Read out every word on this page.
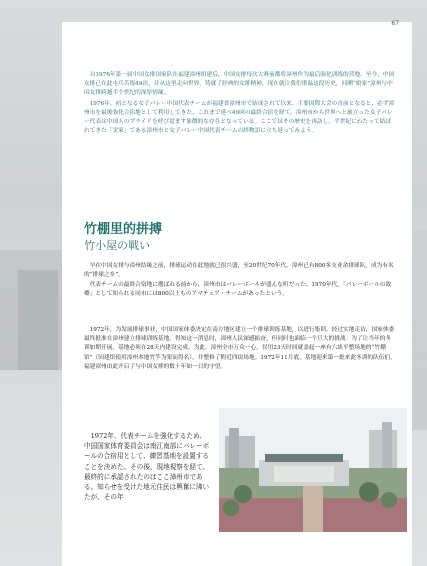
67

自1976年第一届中国女排国家队在福建漳州组建后，中国女排每次大赛前都将漳州作为最后强化训练的营地。至今，中国女排已在此屯兵苦练49次，并从这里走向世界，铸就了经典的女排精神。现在就让我们重温这段历史，回溯“娘家”漳州与中国女排跨越半个世纪的深厚情缘。

1976年、初となる女子バレー中国代表チームが福建省漳州市で結成されて以来、主要国際大会の直前となると、必ず漳州市を最後強化合宿地として利用してきた。これまで延べ49回の最終合宿を経て、漳州市から世界へと旅立った女子バレー代表は中国人のプライドを呼び覚ます象徴的な存在となっている。ここではその歴史を再訪し、半世紀にわたって結ばれてきた「実家」である漳州市と女子バレー中国代表チームの絆物語に立ち返ってみよう。

竹棚里的拼搏
竹小屋の戦い

早在中国女排与漳州结缘之前，排球运动在此地就已很兴盛，至20世纪70年代，漳州已有800多支业余排球队，成为有名的“排球之乡”。

代表チームの最終合宿地に選ばれる前から、漳州市はバレーボールが盛んな町だった。1970年代，「バレーボールの故郷」として知られる同市には800以上ものアマチュア・チームがあったという。

1972年，为发展排球事业，中国国家体委决定在南方地区建立一个排球训练基地，以进行集训。经过实地走访，国家体委最终批准在漳州建立排球训练基地。得知这一消息时，漳州人民深感振奋，但同时也面临一个巨大的挑战：为了让当年的冬训如期开展，基地必须在28天内建设完成。为此，漳州全市万众一心，仅用23天时间就盖起一座有六块平整场地的“竹棚馆”（因建馆使用漳州本地竹竿为架而得名），并整修了附近四块场地。1972年11月底，基地迎来第一批来此冬训的队伍们，福建漳州由此开启了与中国女排的数十年如一日的守望。

1972年、代表チームを強化するため、中国国家体育委員会は南江南部にバレーボールの合宿用として、練習基地を設置することを決めた。その後、現地視察を経て、最終的に承認されたのはここ漳州市である。知らせを受けた地元住民は興奮に沸いたが、その年
